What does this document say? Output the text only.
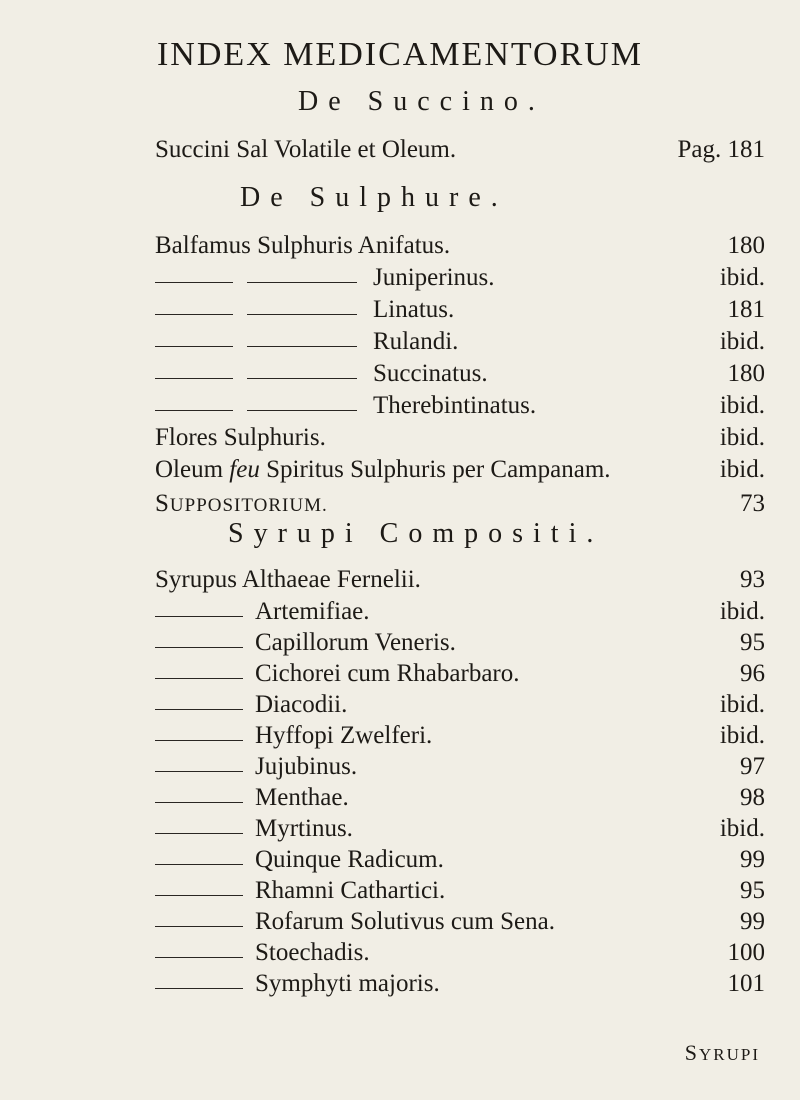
INDEX MEDICAMENTORUM
De Succino.
Succini Sal Volatile et Oleum.	Pag. 181
De Sulphure.
Balfamus Sulphuris Anifatus.	180
Juniperinus.	ibid.
Linatus.	181
Rulandi.	ibid.
Succinatus.	180
Therebintinatus.	ibid.
Flores Sulphuris.	ibid.
Oleum feu Spiritus Sulphuris per Campanam.	ibid.
SUPPOSITORIUM.	73
Syrupi Compositi.
Syrupus Althaeae Fernelii.	93
Artemifiae.	ibid.
Capillorum Veneris.	95
Cichorei cum Rhabarbaro.	96
Diacodii.	ibid.
Hyffopi Zwelferi.	ibid.
Jujubinus.	97
Menthae.	98
Myrtinus.	ibid.
Quinque Radicum.	99
Rhamni Cathartici.	95
Rofarum Solutivus cum Sena.	99
Stoechadis.	100
Symphyti majoris.	101
SYRUPI
